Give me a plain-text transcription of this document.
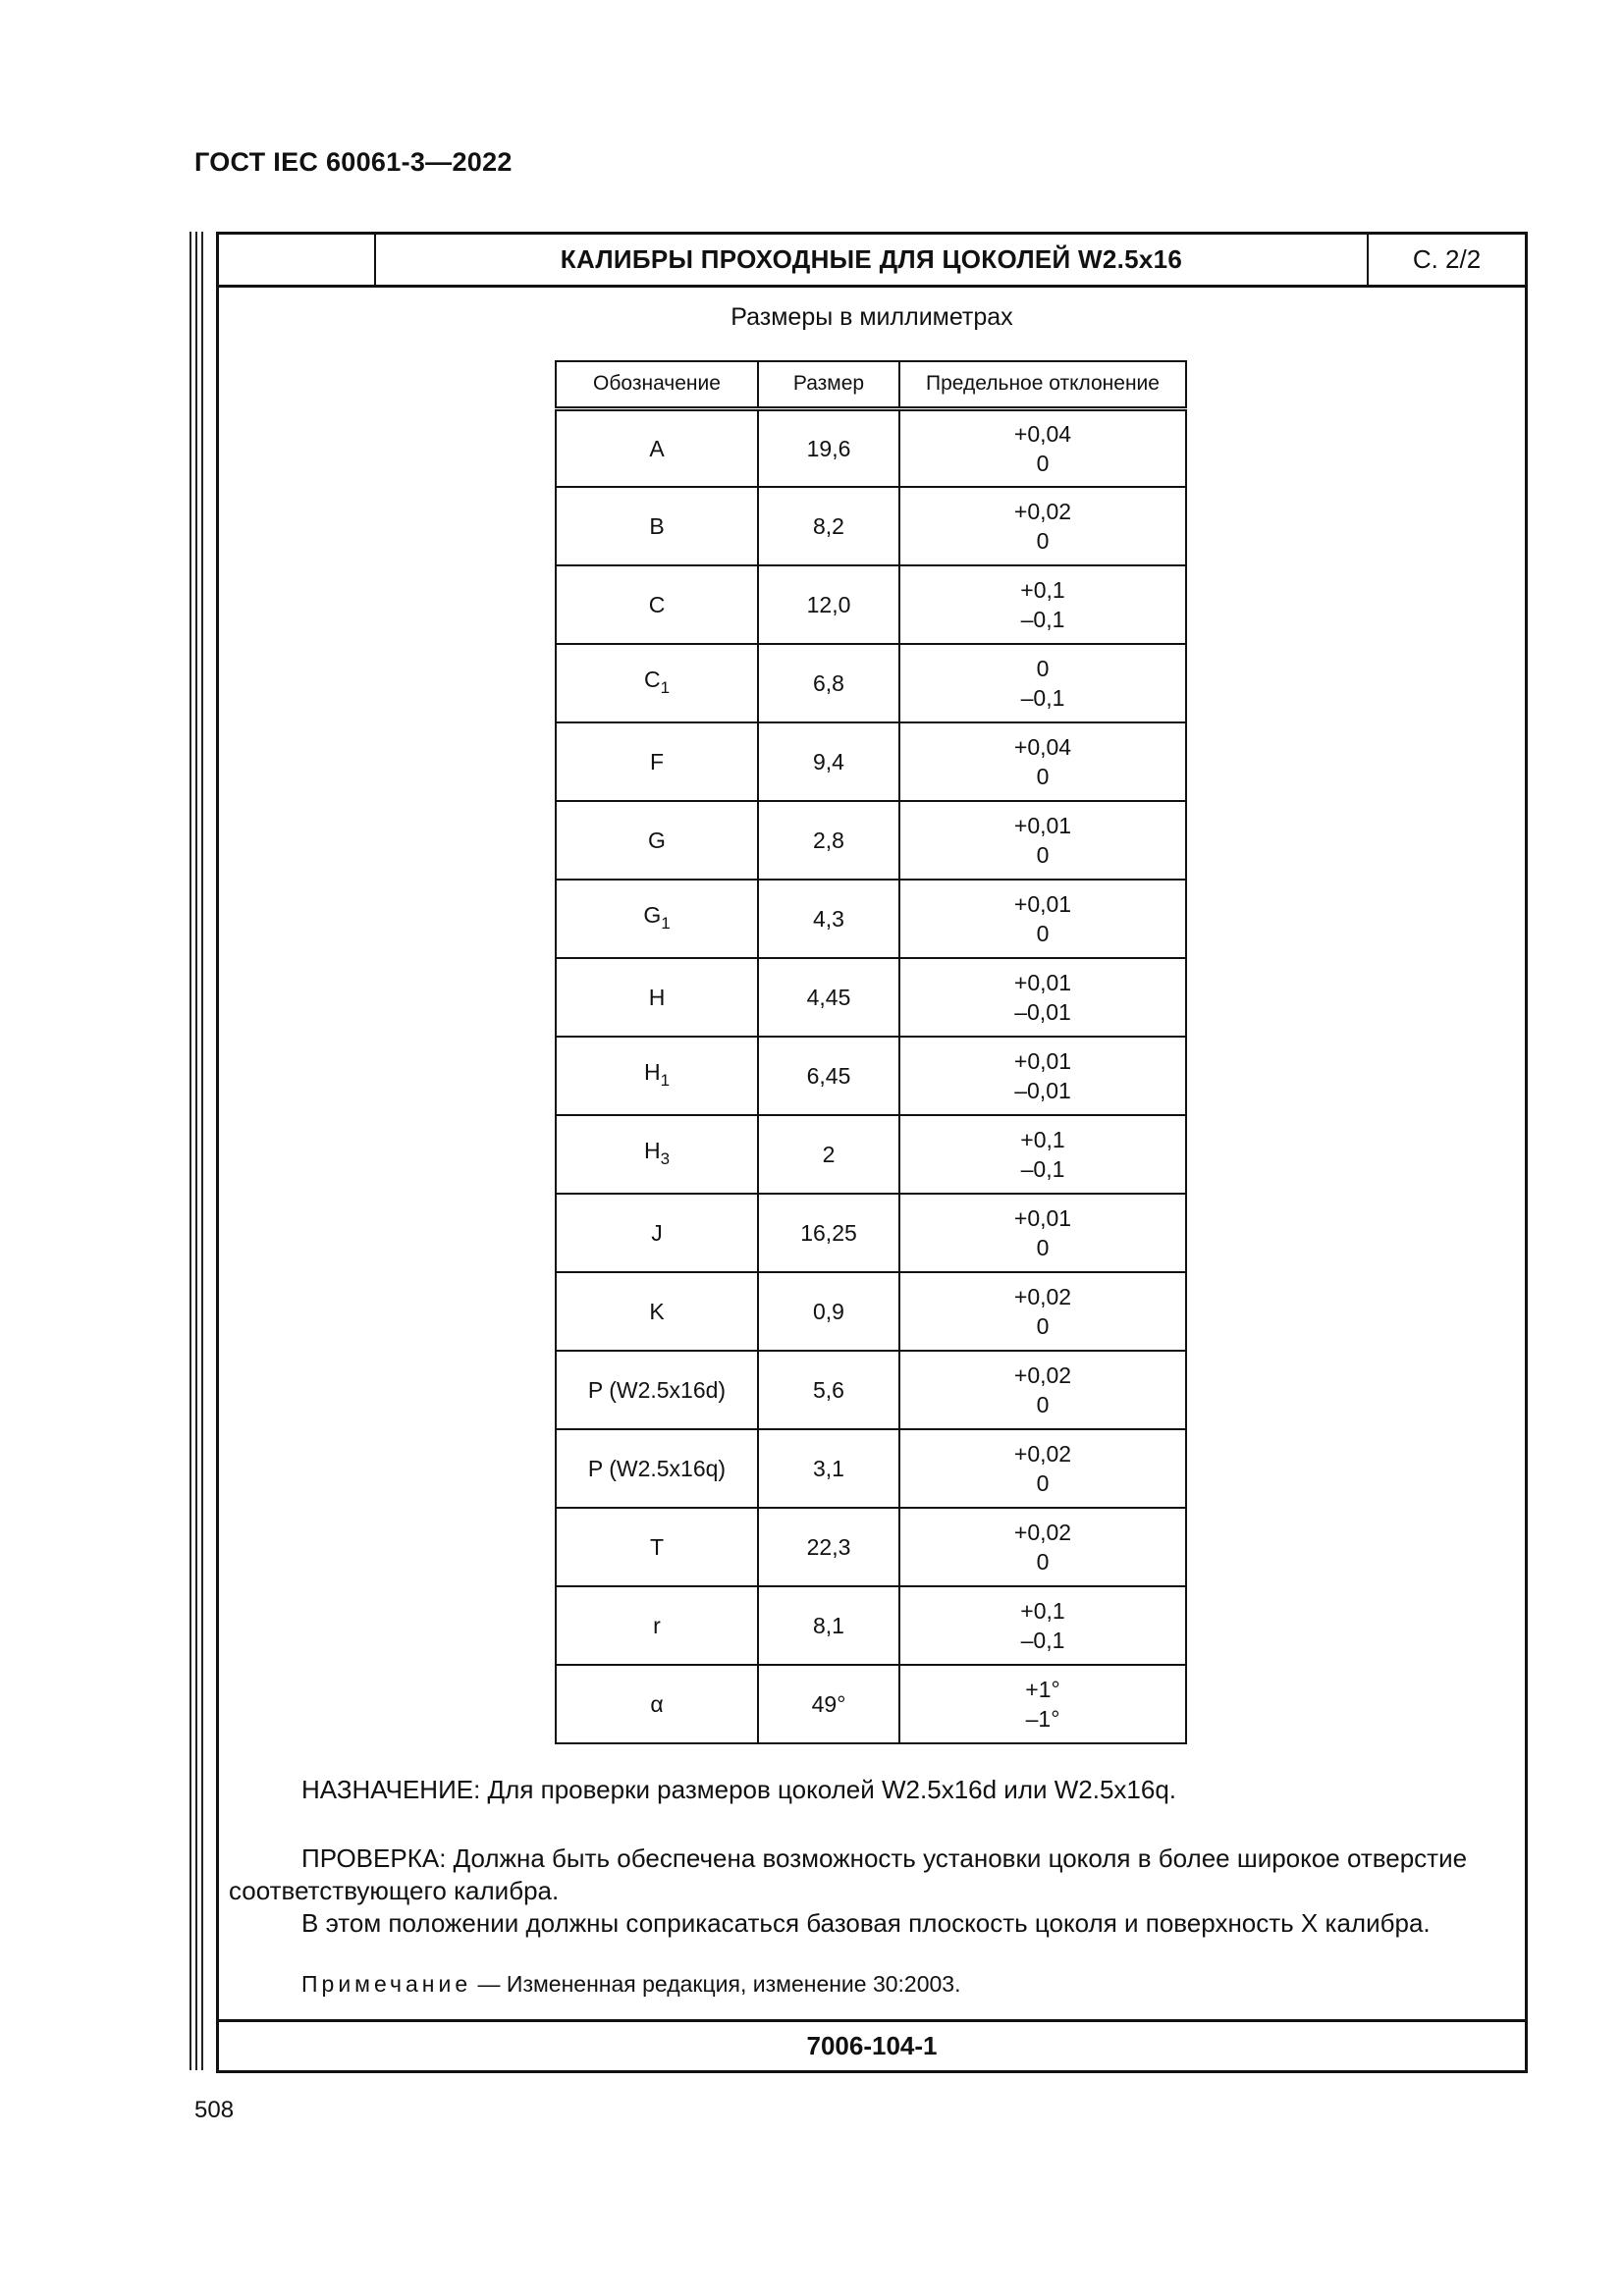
ГОСТ IEC 60061-3—2022
КАЛИБРЫ ПРОХОДНЫЕ ДЛЯ ЦОКОЛЕЙ W2.5x16	С. 2/2
Размеры в миллиметрах
Обозначение	Размер	Предельное отклонение
A	19,6	+0,04
0

B	8,2	+0,02
0

C	12,0	+0,1
–0,1

$C_1$	6,8	0
–0,1

F	9,4	+0,04
0

G	2,8	+0,01
0

$G_1$	4,3	+0,01
0

H	4,45	+0,01
–0,01

$H_1$	6,45	+0,01
–0,01

$H_3$	2	+0,1
–0,1

J	16,25	+0,01
0

K	0,9	+0,02
0

P (W2.5x16d)	5,6	+0,02
0

P (W2.5x16q)	3,1	+0,02
0

T	22,3	+0,02
0

r	8,1	+0,1
–0,1

α	49°	+1°
–1°

НАЗНАЧЕНИЕ: Для проверки размеров цоколей W2.5x16d или W2.5x16q.

ПРОВЕРКА: Должна быть обеспечена возможность установки цоколя в более широкое отверстие соответствующего калибра.

В этом положении должны соприкасаться базовая плоскость цоколя и поверхность X калибра.

Примечание — Измененная редакция, изменение 30:2003.

7006-104-1
508
